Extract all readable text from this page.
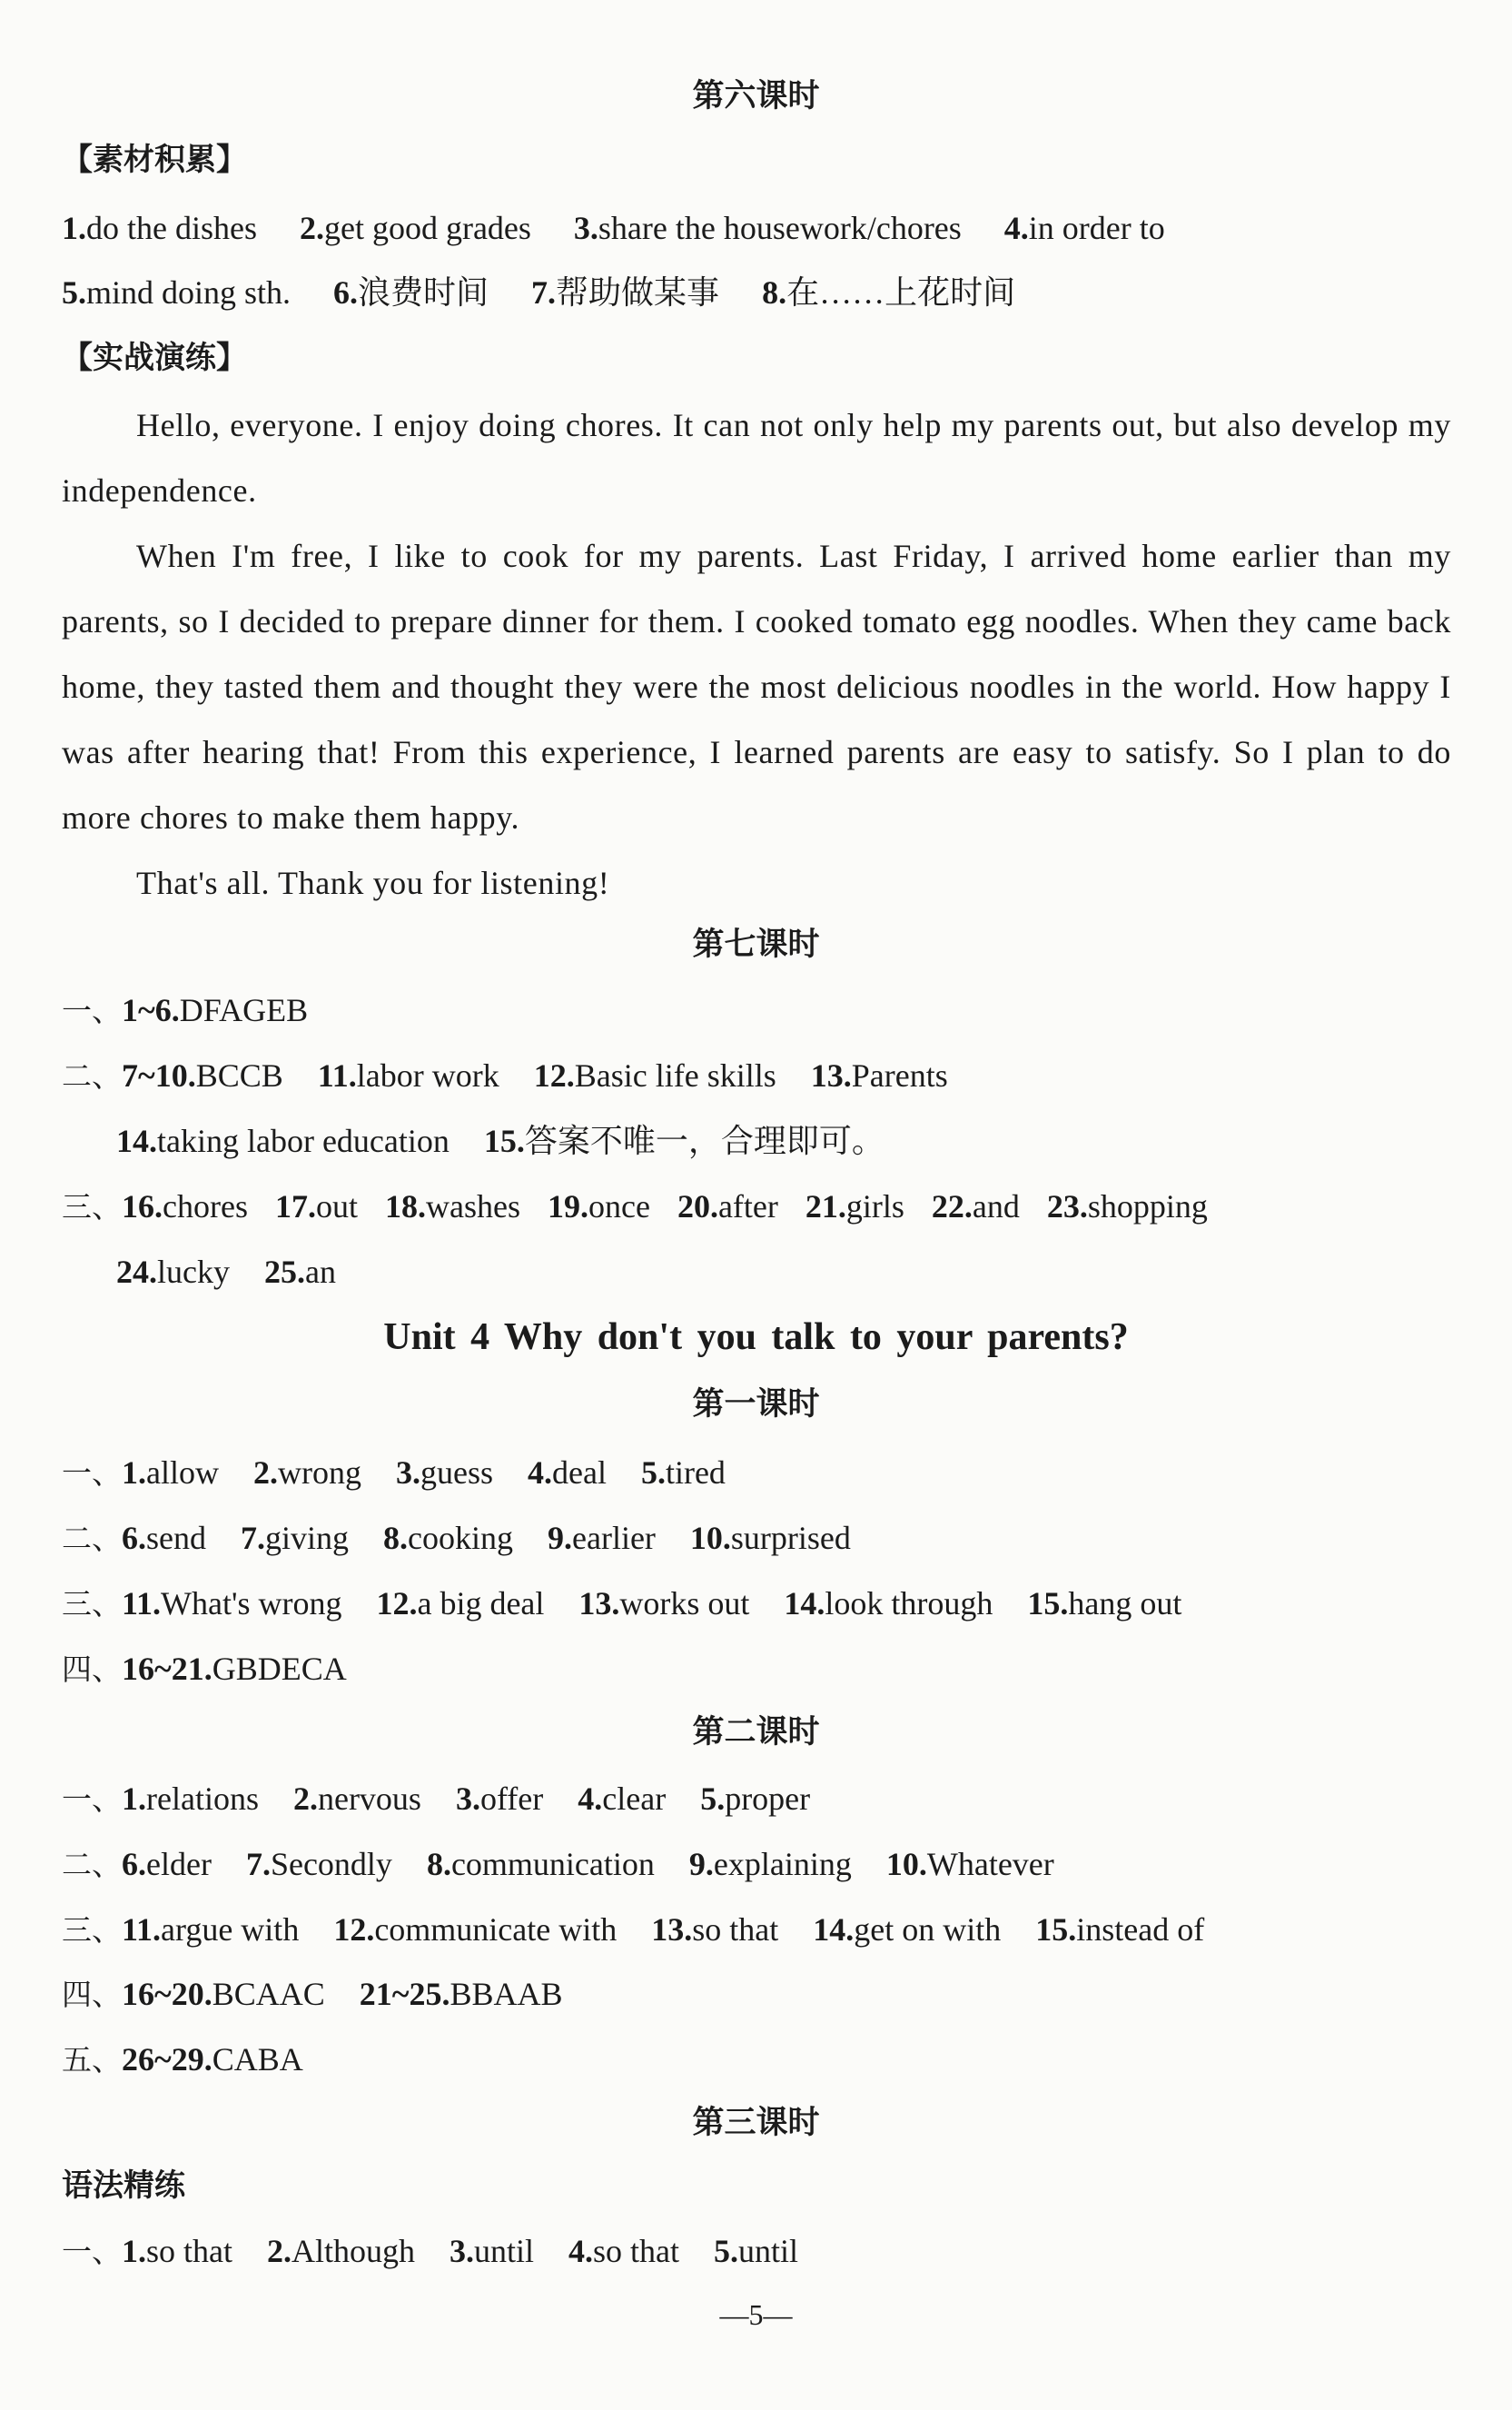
第六课时
【素材积累】
1.do the dishes 2.get good grades 3.share the housework/chores 4.in order to
5.mind doing sth. 6.浪费时间 7.帮助做某事 8.在……上花时间
【实战演练】

Hello, everyone. I enjoy doing chores. It can not only help my parents out, but also develop my independence.

When I'm free, I like to cook for my parents. Last Friday, I arrived home earlier than my parents, so I decided to prepare dinner for them. I cooked tomato egg noodles. When they came back home, they tasted them and thought they were the most delicious noodles in the world. How happy I was after hearing that! From this experience, I learned parents are easy to satisfy. So I plan to do more chores to make them happy.

That's all. Thank you for listening!

第七课时
一、1~6.DFAGEB
二、7~10.BCCB 11.labor work 12.Basic life skills 13.Parents
14.taking labor education 15.答案不唯一，合理即可。
三、16.chores 17.out 18.washes 19.once 20.after 21.girls 22.and 23.shopping
24.lucky 25.an
Unit 4 Why don't you talk to your parents?
第一课时
一、1.allow 2.wrong 3.guess 4.deal 5.tired
二、6.send 7.giving 8.cooking 9.earlier 10.surprised
三、11.What's wrong 12.a big deal 13.works out 14.look through 15.hang out
四、16~21.GBDECA
第二课时
一、1.relations 2.nervous 3.offer 4.clear 5.proper
二、6.elder 7.Secondly 8.communication 9.explaining 10.Whatever
三、11.argue with 12.communicate with 13.so that 14.get on with 15.instead of
四、16~20.BCAAC 21~25.BBAAB
五、26~29.CABA
第三课时
语法精练
一、1.so that 2.Although 3.until 4.so that 5.until
—5—
